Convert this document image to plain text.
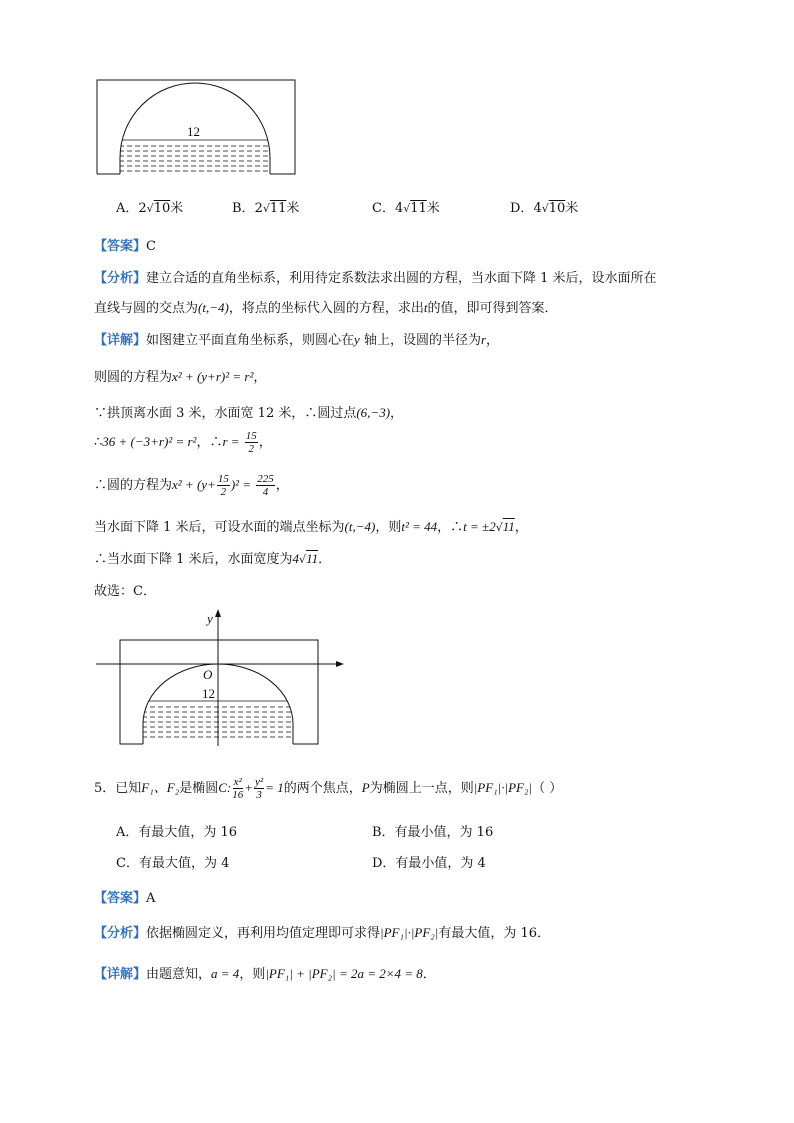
12
A．2√10米	B．2√11米	C．4√11米	D．4√10米
【答案】C
【分析】建立合适的直角坐标系，利用待定系数法求出圆的方程，当水面下降 1 米后，设水面所在
直线与圆的交点为(t,−4)，将点的坐标代入圆的方程，求出t的值，即可得到答案．
【详解】如图建立平面直角坐标系，则圆心在y 轴上，设圆的半径为r，
则圆的方程为x² + (y+r)² = r²，
∵拱顶离水面 3 米，水面宽 12 米，∴圆过点(6,−3)，
∴36 + (−3+r)² = r²，∴r = $\frac{15}{2}$ ，
∴圆的方程为$x^2 + (y+ \frac{15}{2} )^2 = \frac{225}{4}$ ，
当水面下降 1 米后，可设水面的端点坐标为(t,−4)，则t² = 44，∴t = ±2√11，
∴当水面下降 1 米后，水面宽度为4√11．
故选：C．
y
O
12
5．已知F₁、F₂是椭圆C: $\frac{\text{x²}}{16} + \frac{\text{y²}}{3} = 1$的两个焦点，P为椭圆上一点，则|PF₁|·|PF₂|（ ）
A．有最大值，为 16	B．有最小值，为 16
C．有最大值，为 4	D．有最小值，为 4
【答案】A
【分析】依据椭圆定义，再利用均值定理即可求得|PF₁|·|PF₂|有最大值，为 16．
【详解】由题意知，a = 4，则|PF₁| + |PF₂| = 2a = 2×4 = 8．
